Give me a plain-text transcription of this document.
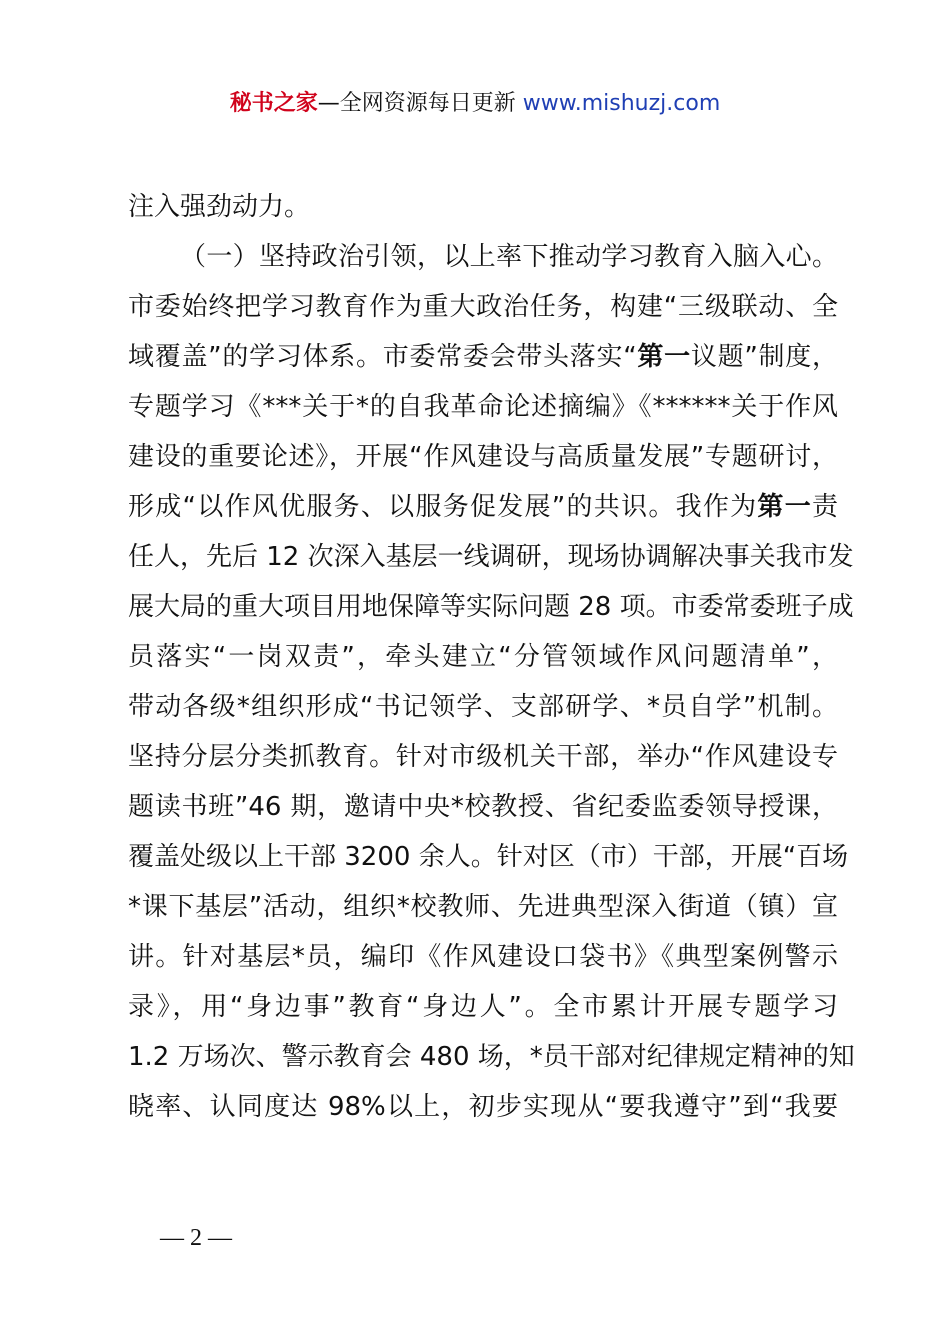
秘书之家—全网资源每日更新 www.mishuzj.com
注入强劲动力。
（一）坚持政治引领，以上率下推动学习教育入脑入心。
市委始终把学习教育作为重大政治任务，构建“三级联动、全
域覆盖”的学习体系。市委常委会带头落实“第一议题”制度，
专题学习《***关于*的自我革命论述摘编》《******关于作风
建设的重要论述》，开展“作风建设与高质量发展”专题研讨，
形成“以作风优服务、以服务促发展”的共识。我作为第一责
任人，先后 12 次深入基层一线调研，现场协调解决事关我市发
展大局的重大项目用地保障等实际问题 28 项。市委常委班子成
员落实“一岗双责”，牵头建立“分管领域作风问题清单”，
带动各级*组织形成“书记领学、支部研学、*员自学”机制。
坚持分层分类抓教育。针对市级机关干部，举办“作风建设专
题读书班”46 期，邀请中央*校教授、省纪委监委领导授课，
覆盖处级以上干部 3200 余人。针对区（市）干部，开展“百场
*课下基层”活动，组织*校教师、先进典型深入街道（镇）宣
讲。针对基层*员，编印《作风建设口袋书》《典型案例警示
录》，用“身边事”教育“身边人”。全市累计开展专题学习
1.2 万场次、警示教育会 480 场，*员干部对纪律规定精神的知
晓率、认同度达 98%以上，初步实现从“要我遵守”到“我要
— 2 —
